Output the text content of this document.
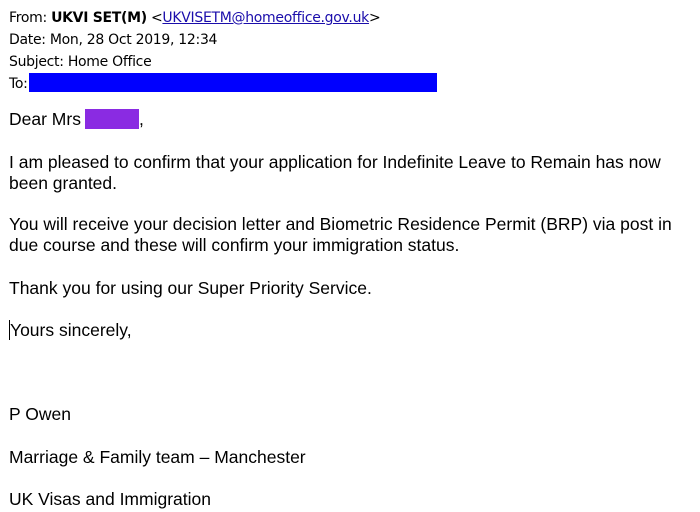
From: UKVI SET(M) <UKVISETM@homeoffice.gov.uk>
Date: Mon, 28 Oct 2019, 12:34
Subject: Home Office
To:

Dear Mrs	,

I am pleased to confirm that your application for Indefinite Leave to Remain has now been granted.

You will receive your decision letter and Biometric Residence Permit (BRP) via post in due course and these will confirm your immigration status.

Thank you for using our Super Priority Service.

Yours sincerely,

P Owen

Marriage & Family team – Manchester

UK Visas and Immigration
